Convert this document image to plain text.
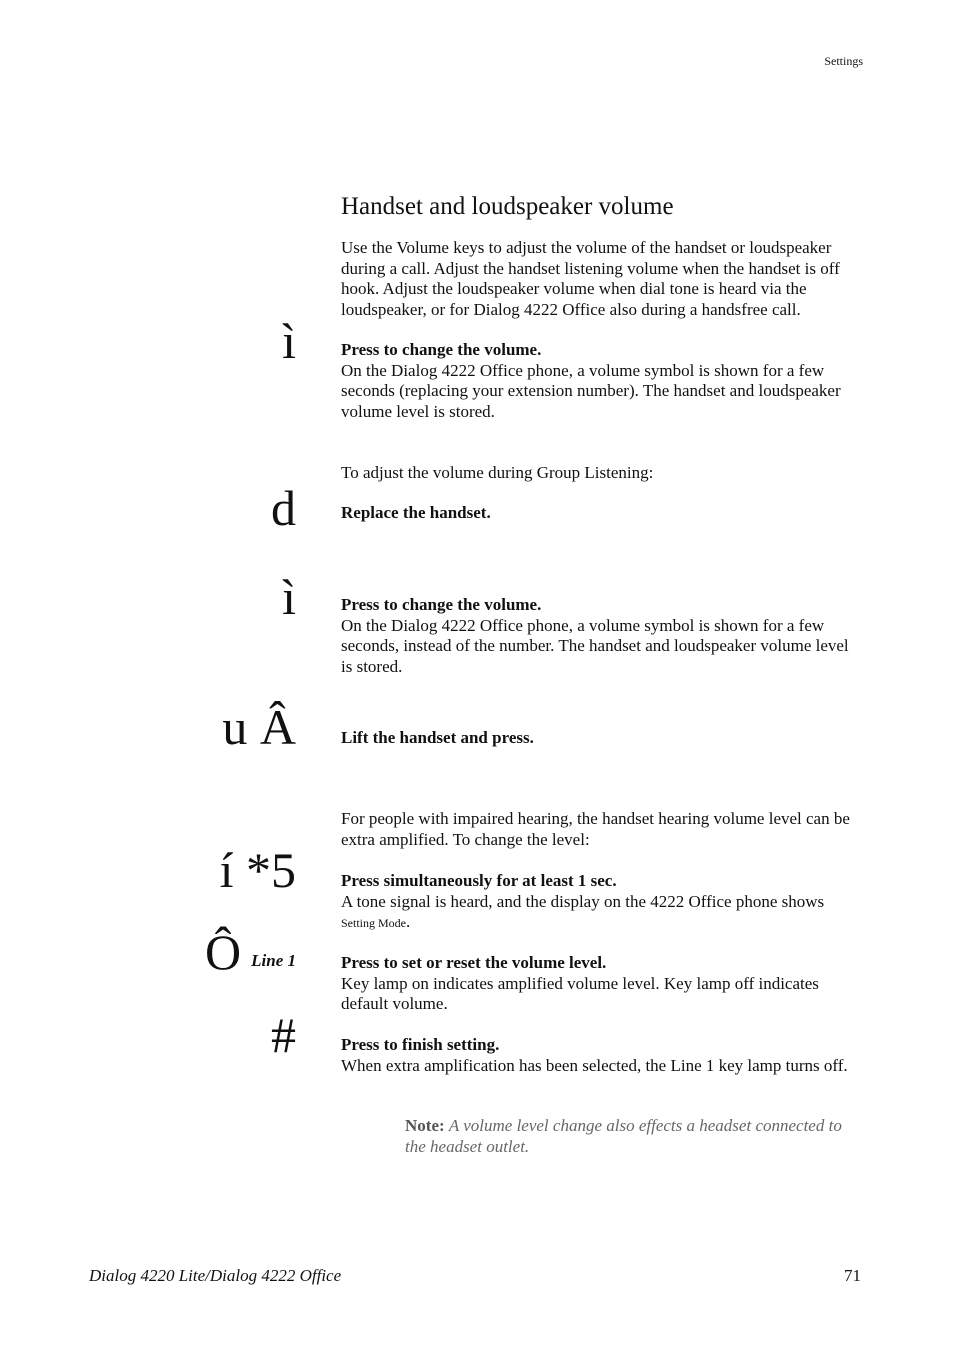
Settings
Handset and loudspeaker volume
Use the Volume keys to adjust the volume of the handset or loudspeaker during a call. Adjust the handset listening volume when the handset is off hook. Adjust the loudspeaker volume when dial tone is heard via the loudspeaker, or for Dialog 4222 Office also during a handsfree call.
ì	Press to change the volume.
On the Dialog 4222 Office phone, a volume symbol is shown for a few seconds (replacing your extension number). The handset and loudspeaker volume level is stored.
To adjust the volume during Group Listening:
d	Replace the handset.
ì	Press to change the volume.
On the Dialog 4222 Office phone, a volume symbol is shown for a few seconds, instead of the number. The handset and loudspeaker volume level is stored.
u Â	Lift the handset and press.
For people with impaired hearing, the handset hearing volume level can be extra amplified. To change the level:
í *5	Press simultaneously for at least 1 sec.
A tone signal is heard, and the display on the 4222 Office phone shows
Setting Mode.
Ô Line 1	Press to set or reset the volume level.
Key lamp on indicates amplified volume level. Key lamp off indicates default volume.
#	Press to finish setting.
When extra amplification has been selected, the Line 1 key lamp turns off.
Note: A volume level change also effects a headset connected to the headset outlet.
Dialog 4220 Lite/Dialog 4222 Office	71
